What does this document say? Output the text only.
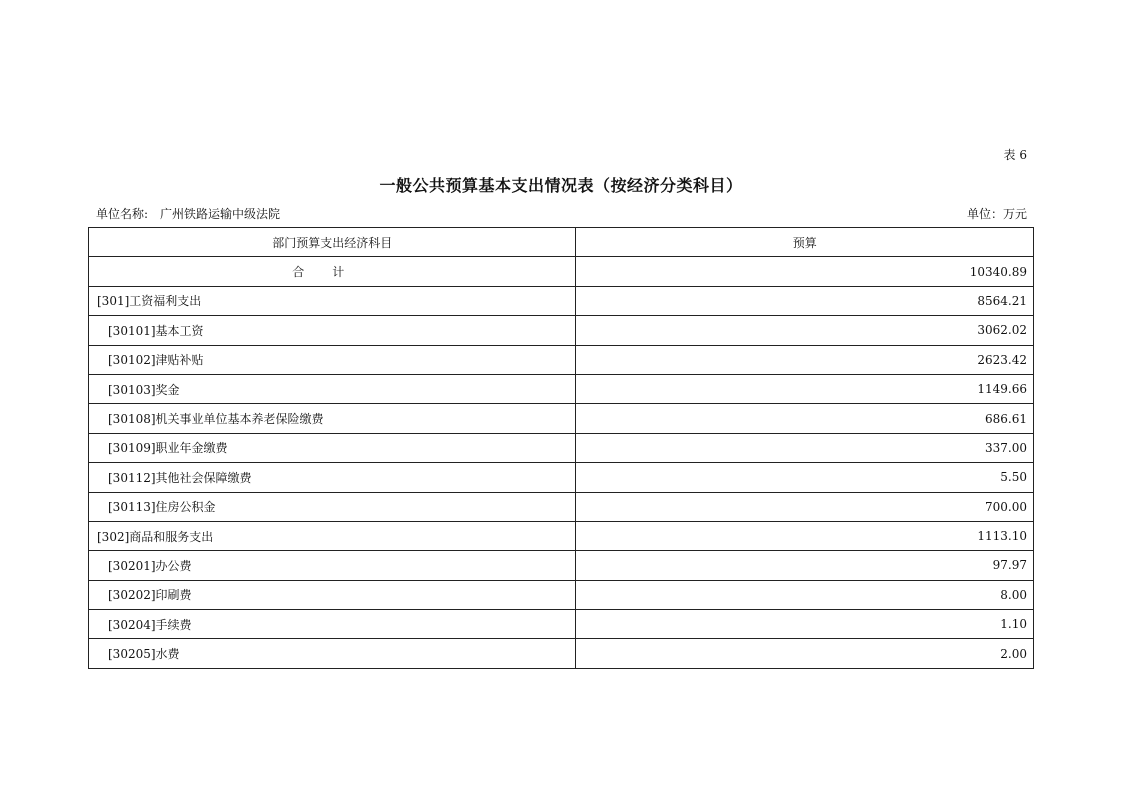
表 6
一般公共预算基本支出情况表（按经济分类科目）
单位名称: 广州铁路运输中级法院	单位：万元
部门预算支出经济科目	预算
合计	10340.89
[301]工资福利支出	8564.21
[30101]基本工资	3062.02
[30102]津贴补贴	2623.42
[30103]奖金	1149.66
[30108]机关事业单位基本养老保险缴费	686.61
[30109]职业年金缴费	337.00
[30112]其他社会保障缴费	5.50
[30113]住房公积金	700.00
[302]商品和服务支出	1113.10
[30201]办公费	97.97
[30202]印刷费	8.00
[30204]手续费	1.10
[30205]水费	2.00
